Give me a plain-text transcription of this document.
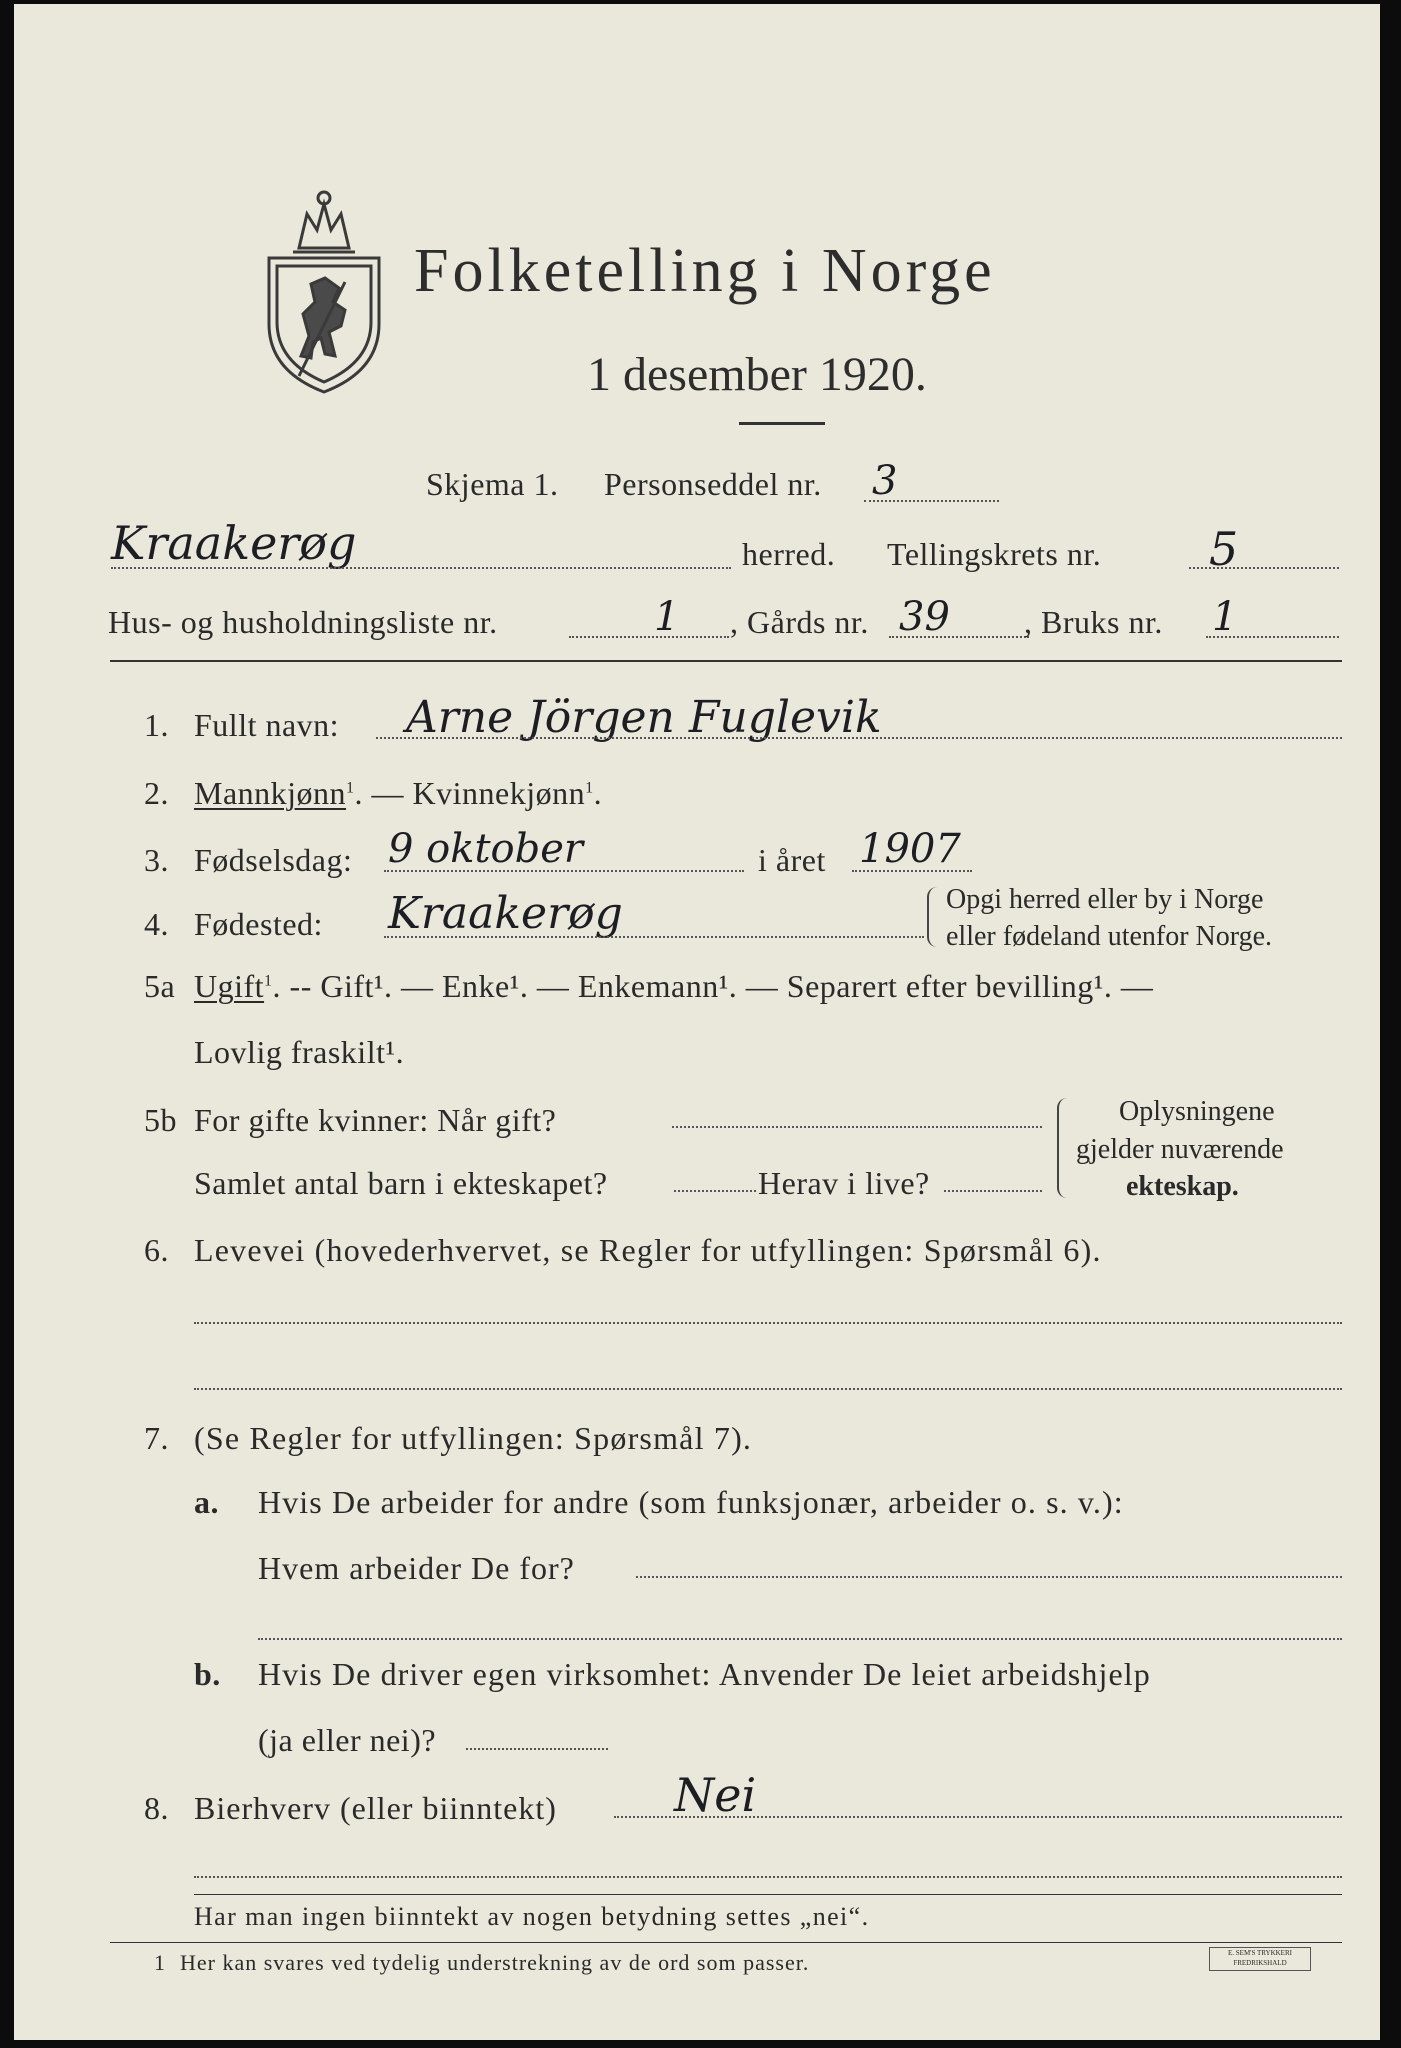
Folketelling i Norge
1 desember 1920.
Skjema 1. Personseddel nr. 3
Kraakerøg	herred. Tellingskrets nr. 5
Hus- og husholdningsliste nr.	1 , Gårds nr. 39 , Bruks nr. 1
1. Fullt navn: Arne Jörgen Fuglevik
2. Mannkjønn$^1$. — Kvinnekjønn$^1$.
3. Fødselsdag: 9 oktober	i året 1907
4. Fødested: Kraakerøg	Opgi herred eller by i Norge
eller fødeland utenfor Norge.
5a Ugift$^1$. -- Gift¹. — Enke¹. — Enkemann¹. — Separert efter bevilling¹. —
Lovlig fraskilt¹.
5b For gifte kvinner: Når gift?
Samlet antal barn i ekteskapet?	Herav i live?
Oplysningene
gjelder nuværende
ekteskap.
6. Levevei (hovederhvervet, se Regler for utfyllingen: Spørsmål 6).
7. (Se Regler for utfyllingen: Spørsmål 7).
a. Hvis De arbeider for andre (som funksjonær, arbeider o. s. v.):
Hvem arbeider De for?
b. Hvis De driver egen virksomhet: Anvender De leiet arbeidshjelp
(ja eller nei)?
8. Bierhverv (eller biinntekt)	Nei
Har man ingen biinntekt av nogen betydning settes „nei“.
1 Her kan svares ved tydelig understrekning av de ord som passer.	E. SEM'S TRYKKERI FREDRIKSHALD
